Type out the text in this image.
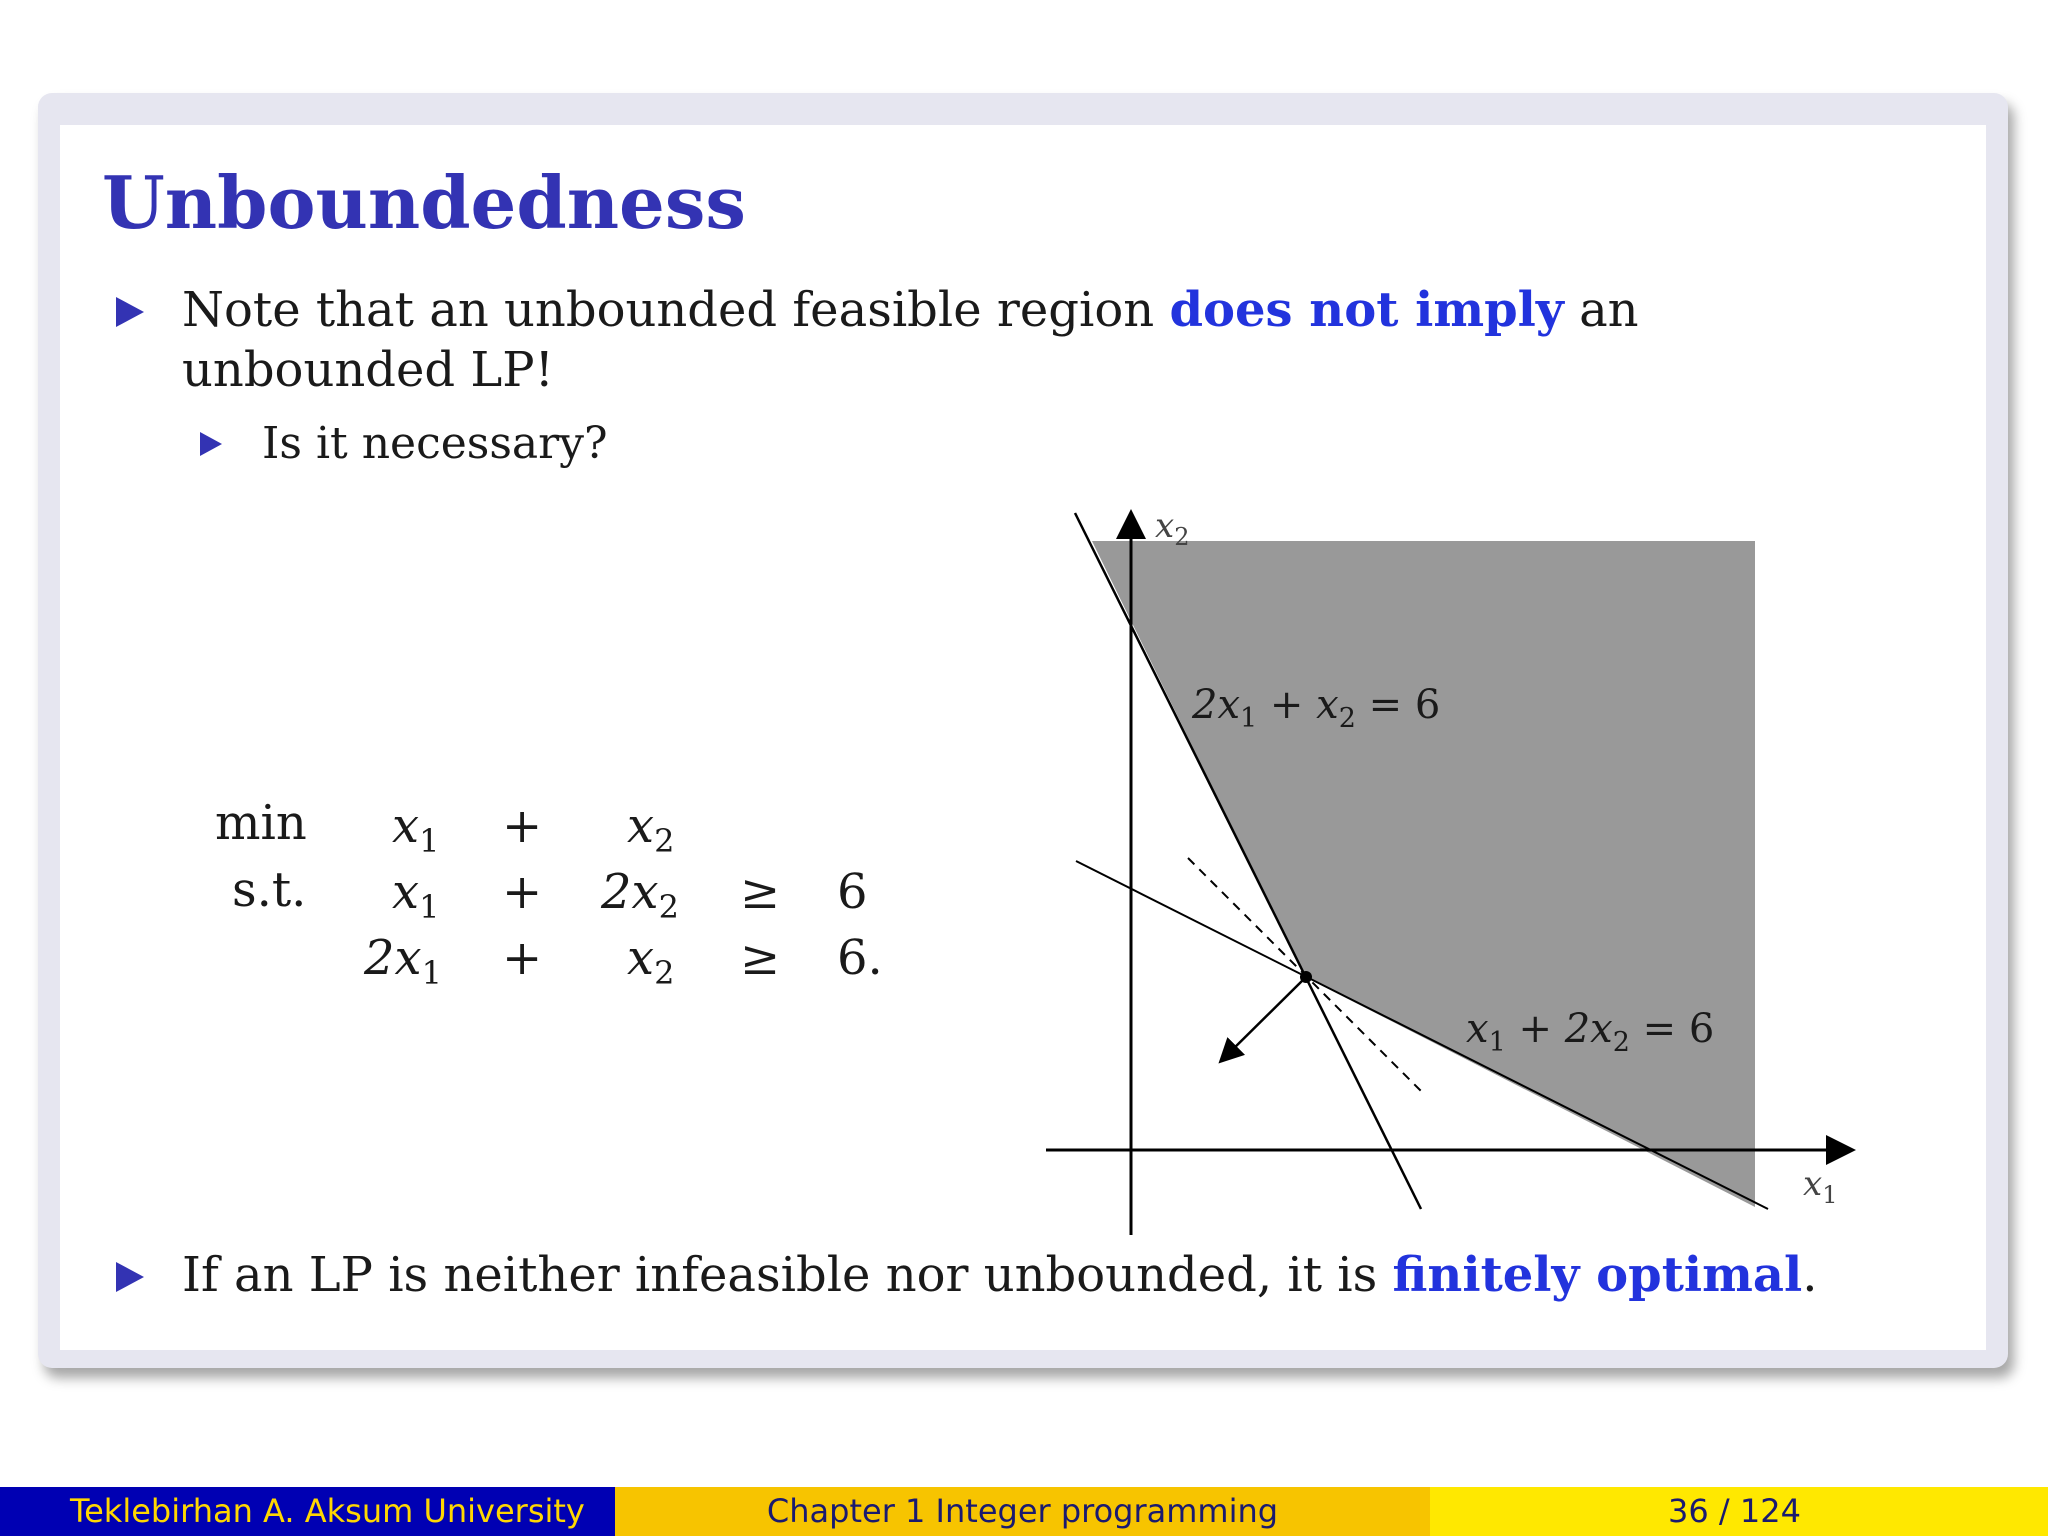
Unboundedness
Note that an unbounded feasible region does not imply an
unbounded LP!
Is it necessary?
$\min x_1 + x_2$
s.t. $x_1 + 2x_2 \ge 6$
$2x_1 + x_2 \ge 6$.
$x_2$
$x_1$
$2x_1 + x_2 = 6$
$x_1 + 2x_2 = 6$
If an LP is neither infeasible nor unbounded, it is finitely optimal.
Teklebirhan A. Aksum University	Chapter 1 Integer programming	36 / 124
